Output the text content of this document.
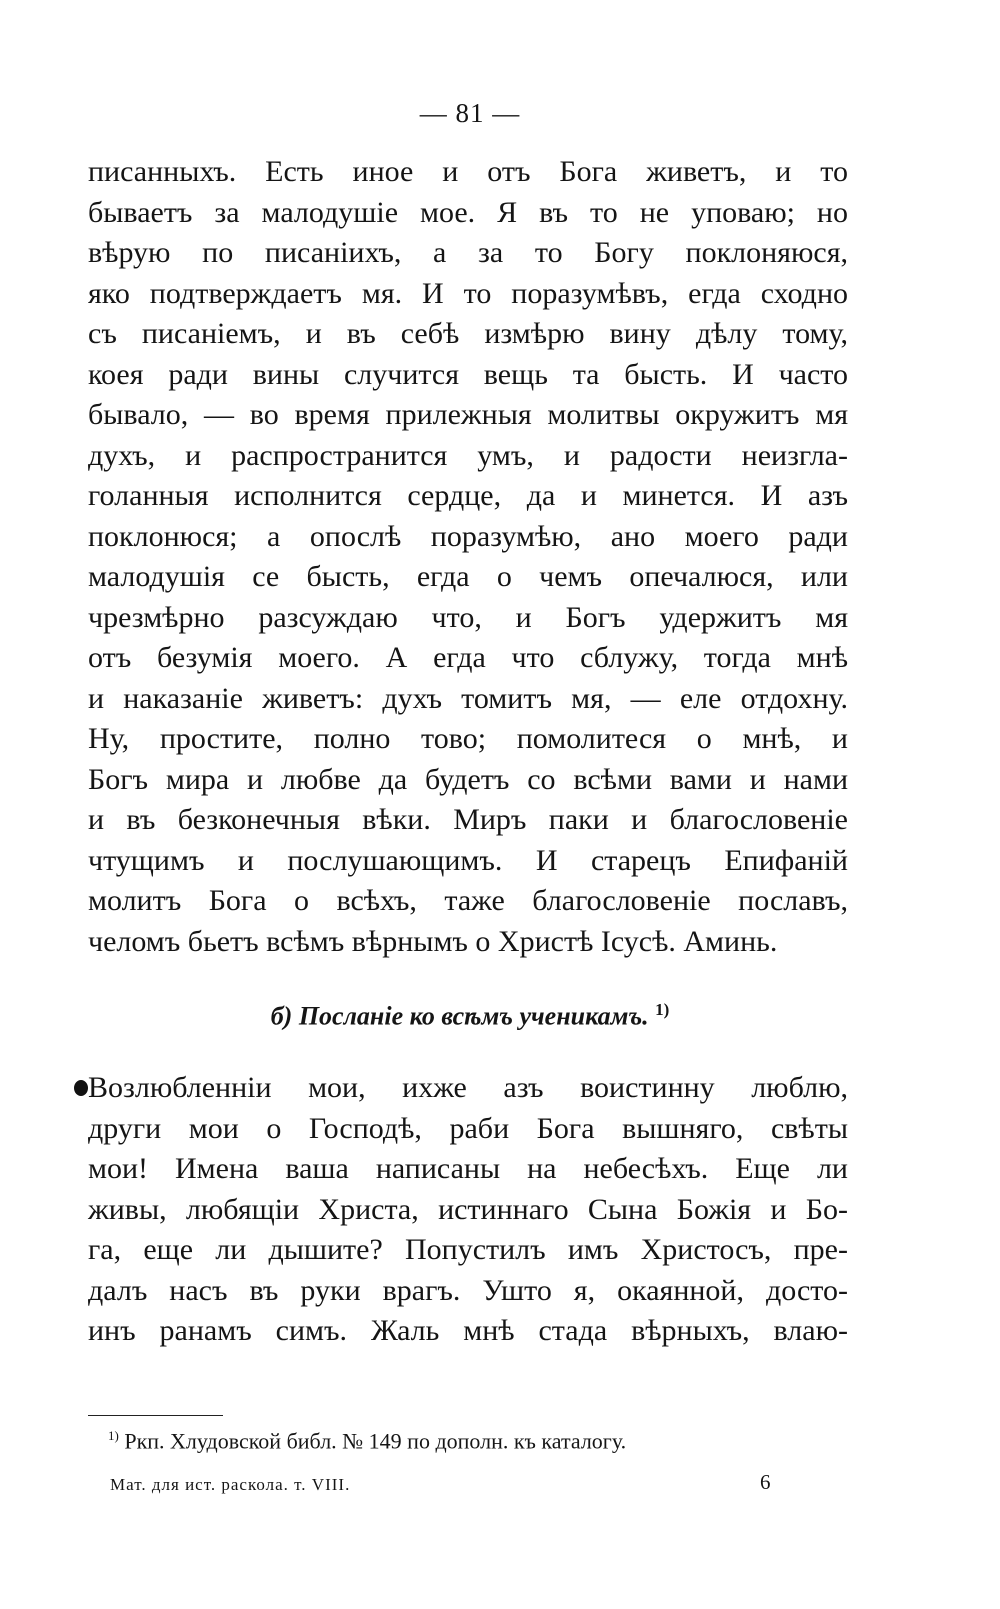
— 81 —
писанныхъ. Есть иное и отъ Бога живетъ, и то
бываетъ за малодушіе мое. Я въ то не уповаю; но
вѣрую по писаніихъ, а за то Богу поклоняюся,
яко подтверждаетъ мя. И то поразумѣвъ, егда сходно
съ писаніемъ, и въ себѣ измѣрю вину дѣлу тому,
коея ради вины случится вещь та бысть. И часто
бывало, — во время прилежныя молитвы окружитъ мя
духъ, и распространится умъ, и радости неизгла-
голанныя исполнится сердце, да и минется. И азъ
поклонюся; а опослѣ поразумѣю, ано моего ради
малодушія се бысть, егда о чемъ опечалюся, или
чрезмѣрно разсуждаю что, и Богъ удержитъ мя
отъ безумія моего. А егда что сблужу, тогда мнѣ
и наказаніе живетъ: духъ томитъ мя, — еле отдохну.
Ну, простите, полно тово; помолитеся о мнѣ, и
Богъ мира и любве да будетъ со всѣми вами и нами
и въ безконечныя вѣки. Миръ паки и благословеніе
чтущимъ и послушающимъ. И старецъ Епифаній
молитъ Бога о всѣхъ, таже благословеніе пославъ,
челомъ бьетъ всѣмъ вѣрнымъ о Христѣ Ісусѣ. Аминь.
б) Посланіе ко всѣмъ ученикамъ. $^{1)}$
Возлюбленніи мои, ихже азъ воистинну люблю,
други мои о Господѣ, раби Бога вышняго, свѣты
мои! Имена ваша написаны на небесѣхъ. Еще ли
живы, любящіи Христа, истиннаго Сына Божія и Бо-
га, еще ли дышите? Попустилъ имъ Христосъ, пре-
далъ насъ въ руки врагъ. Ушто я, окаянной, досто-
инъ ранамъ симъ. Жаль мнѣ стада вѣрныхъ, влаю-
$^{1)}$ Ркп. Хлудовской библ. № 149 по дополн. къ каталогу.
Мат. для ист. раскола. т. VIII.	6
